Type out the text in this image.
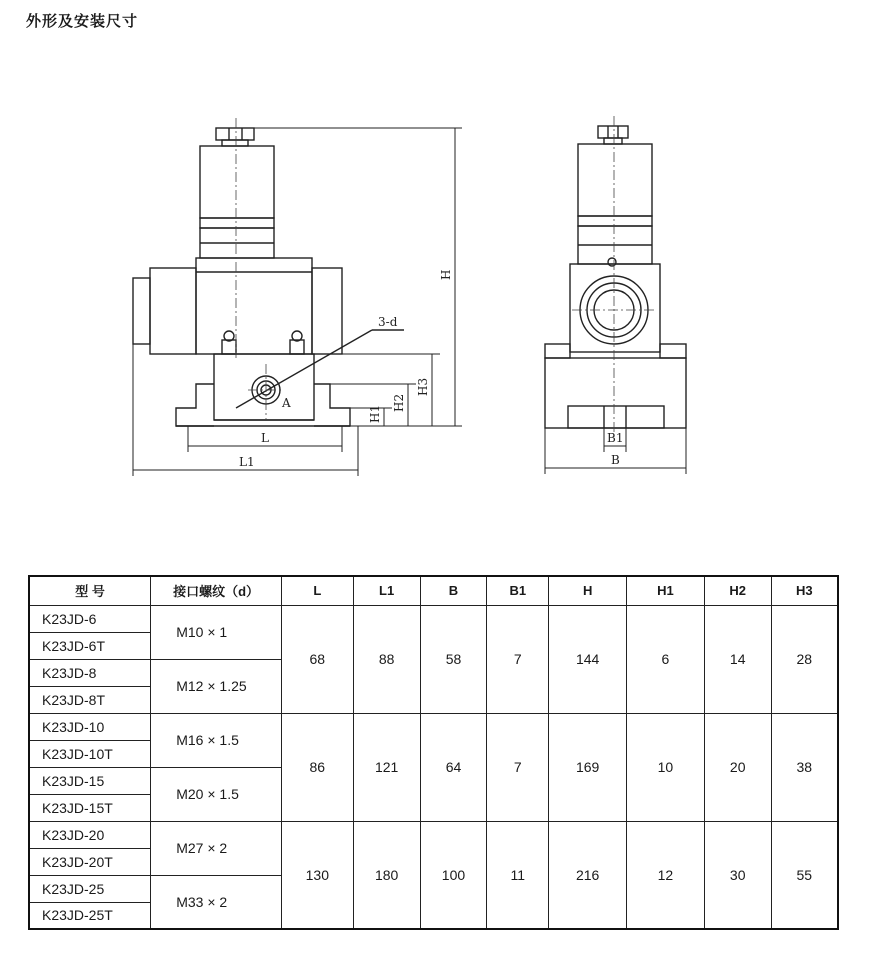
外形及安装尺寸
3-d
A
H
H3
H2
H1
L
L1
B1
B
型 号	接口螺纹（d）	L	L1	B	B1	H	H1	H2	H3
K23JD-6	M10 × 1	68	88	58	7	144	6	14	28
K23JD-6T									
K23JD-8	M12 × 1.25								
K23JD-8T									
K23JD-10	M16 × 1.5	86	121	64	7	169	10	20	38
K23JD-10T									
K23JD-15	M20 × 1.5								
K23JD-15T									
K23JD-20	M27 × 2	130	180	100	11	216	12	30	55
K23JD-20T									
K23JD-25	M33 × 2								
K23JD-25T									
